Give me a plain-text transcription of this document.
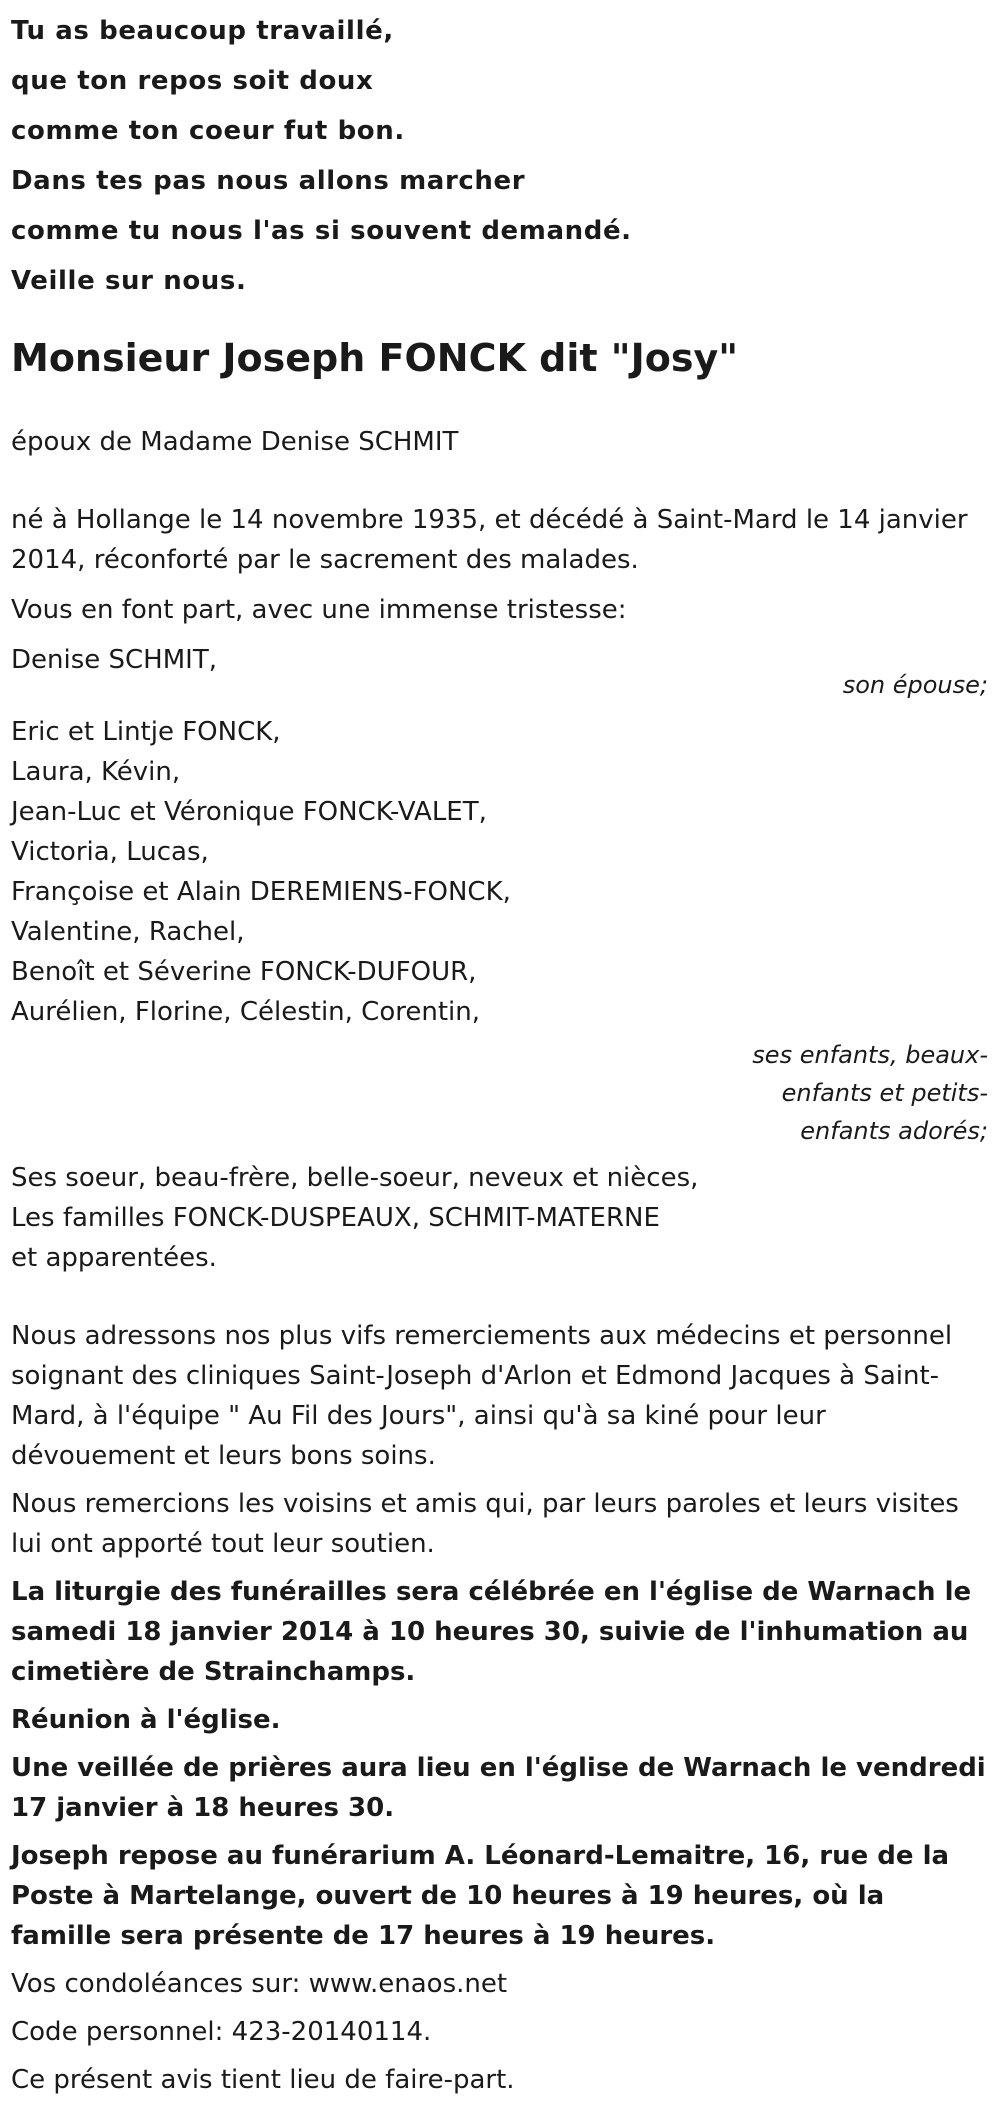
Tu as beaucoup travaillé,

que ton repos soit doux

comme ton coeur fut bon.

Dans tes pas nous allons marcher

comme tu nous l'as si souvent demandé.

Veille sur nous.

Monsieur Joseph FONCK dit "Josy"

époux de Madame Denise SCHMIT

né à Hollange le 14 novembre 1935, et décédé à Saint-Mard le 14 janvier 2014, réconforté par le sacrement des malades.

Vous en font part, avec une immense tristesse:

Denise SCHMIT,

son épouse;

Eric et Lintje FONCK,

Laura, Kévin,

Jean-Luc et Véronique FONCK-VALET,

Victoria, Lucas,

Françoise et Alain DEREMIENS-FONCK,

Valentine, Rachel,

Benoît et Séverine FONCK-DUFOUR,

Aurélien, Florine, Célestin, Corentin,

ses enfants, beaux-enfants et petits-enfants adorés;

Ses soeur, beau-frère, belle-soeur, neveux et nièces,

Les familles FONCK-DUSPEAUX, SCHMIT-MATERNE

et apparentées.

Nous adressons nos plus vifs remerciements aux médecins et personnel soignant des cliniques Saint-Joseph d'Arlon et Edmond Jacques à Saint-Mard, à l'équipe " Au Fil des Jours", ainsi qu'à sa kiné pour leur dévouement et leurs bons soins.

Nous remercions les voisins et amis qui, par leurs paroles et leurs visites lui ont apporté tout leur soutien.

La liturgie des funérailles sera célébrée en l'église de Warnach le samedi 18 janvier 2014 à 10 heures 30, suivie de l'inhumation au cimetière de Strainchamps.

Réunion à l'église.

Une veillée de prières aura lieu en l'église de Warnach le vendredi 17 janvier à 18 heures 30.

Joseph repose au funérarium A. Léonard-Lemaitre, 16, rue de la Poste à Martelange, ouvert de 10 heures à 19 heures, où la famille sera présente de 17 heures à 19 heures.

Vos condoléances sur: www.enaos.net

Code personnel: 423-20140114.

Ce présent avis tient lieu de faire-part.
